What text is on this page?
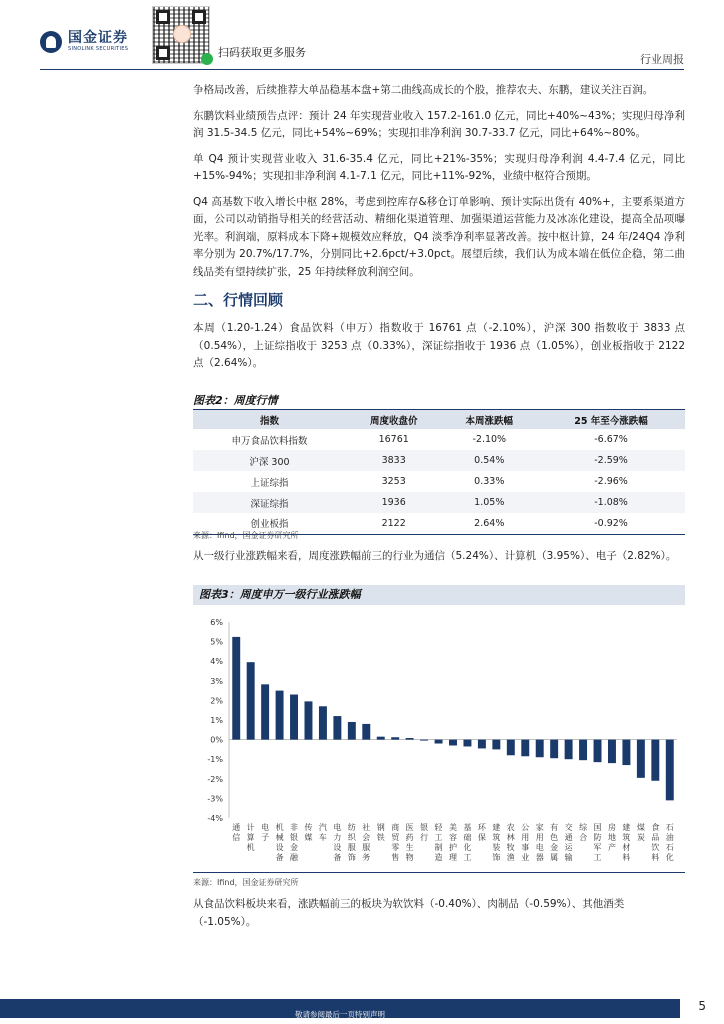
国金证券
SINOLINK SECURITIES	扫码获取更多服务
行业周报

争格局改善，后续推荐大单品稳基本盘+第二曲线高成长的个股，推荐农夫、东鹏，建议关注百润。

东鹏饮料业绩预告点评：预计 24 年实现营业收入 157.2-161.0 亿元，同比+40%~43%；实现归母净利润 31.5-34.5 亿元，同比+54%~69%；实现扣非净利润 30.7-33.7 亿元，同比+64%~80%。

单 Q4 预计实现营业收入 31.6-35.4 亿元，同比+21%-35%；实现归母净利润 4.4-7.4 亿元，同比+15%-94%；实现扣非净利润 4.1-7.1 亿元，同比+11%-92%，业绩中枢符合预期。

Q4 高基数下收入增长中枢 28%，考虑到控库存&移仓订单影响、预计实际出货有 40%+，主要系渠道方面，公司以动销指导相关的经营活动、精细化渠道管理、加强渠道运营能力及冰冻化建设，提高全品项曝光率。利润端，原料成本下降+规模效应释放，Q4 淡季净利率显著改善。按中枢计算，24 年/24Q4 净利率分别为 20.7%/17.7%，分别同比+2.6pct/+3.0pct。展望后续，我们认为成本端在低位企稳，第二曲线品类有望持续扩张，25 年持续释放利润空间。

二、行情回顾

本周（1.20-1.24）食品饮料（申万）指数收于 16761 点（-2.10%），沪深 300 指数收于 3833 点（0.54%），上证综指收于 3253 点（0.33%），深证综指收于 1936 点（1.05%），创业板指收于 2122 点（2.64%）。

图表2：周度行情
指数	周度收盘价	本周涨跌幅	25 年至今涨跌幅
申万食品饮料指数	16761	-2.10%	-6.67%
沪深 300	3833	0.54%	-2.59%
上证综指	3253	0.33%	-2.96%
深证综指	1936	1.05%	-1.08%
创业板指	2122	2.64%	-0.92%
来源：Ifind，国金证券研究所
从一级行业涨跌幅来看，周度涨跌幅前三的行业为通信（5.24%）、计算机（3.95%）、电子（2.82%）。
图表3：周度申万一级行业涨跌幅
-4%
-3%
-2%
-1%
0%
1%
2%
3%
4%
5%
6%
通信
计算机
电子
机械设备
非银金融
传媒
汽车
电力设备
纺织服饰
社会服务
钢铁
商贸零售
医药生物
银行
轻工制造
美容护理
基础化工
环保
建筑装饰
农林牧渔
公用事业
家用电器
有色金属
交通运输
综合
国防军工
房地产
建筑材料
煤炭
食品饮料
石油石化
来源：Ifind，国金证券研究所
从食品饮料板块来看，涨跌幅前三的板块为软饮料（-0.40%）、肉制品（-0.59%）、其他酒类（-1.05%）。
敬请参阅最后一页特别声明
5
